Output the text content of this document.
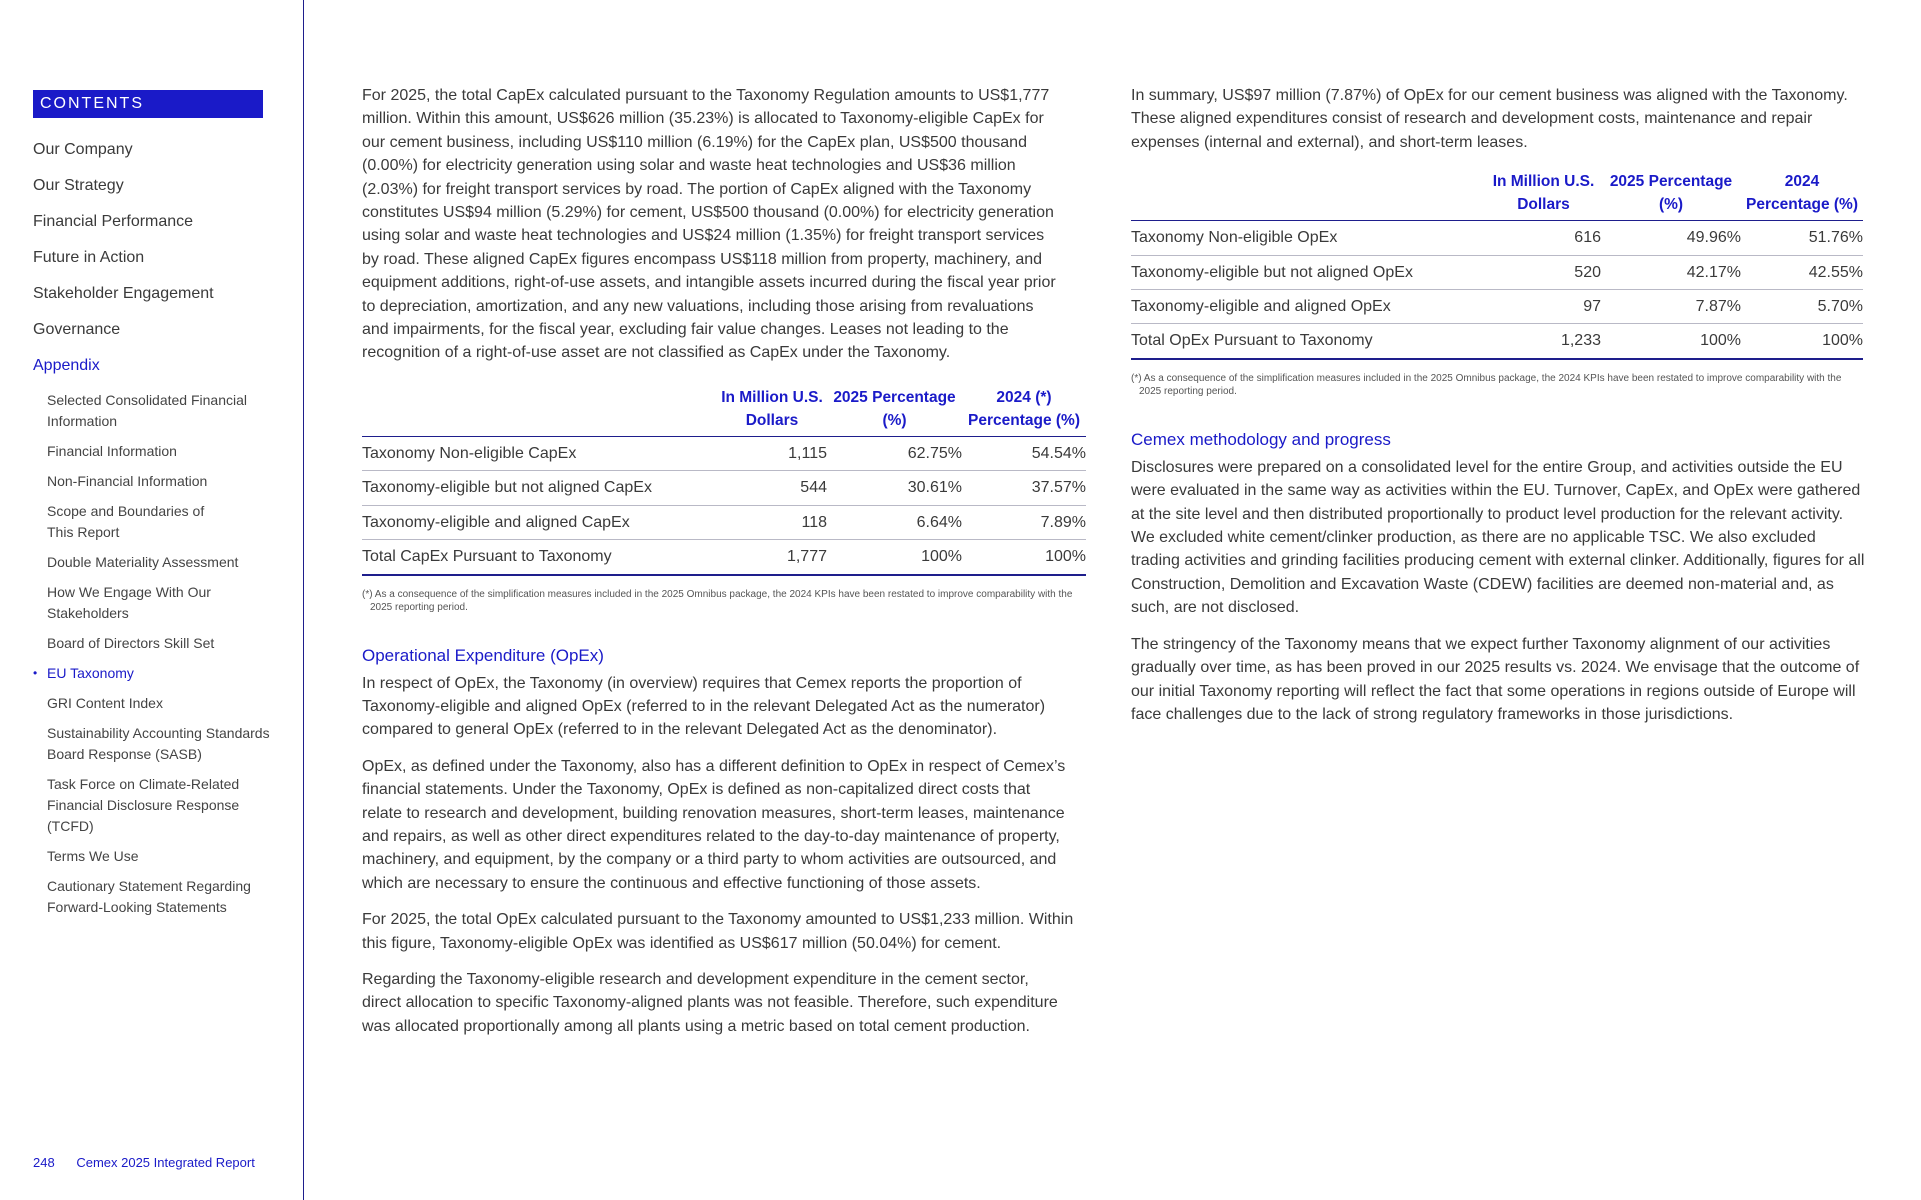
CONTENTS
Our Company
Our Strategy
Financial Performance
Future in Action
Stakeholder Engagement
Governance
Appendix
Selected Consolidated Financial Information
Financial Information
Non-Financial Information
Scope and Boundaries of This Report
Double Materiality Assessment
How We Engage With Our Stakeholders
Board of Directors Skill Set
• EU Taxonomy
GRI Content Index
Sustainability Accounting Standards Board Response (SASB)
Task Force on Climate-Related Financial Disclosure Response (TCFD)
Terms We Use
Cautionary Statement Regarding Forward-Looking Statements
248 Cemex 2025 Integrated Report

For 2025, the total CapEx calculated pursuant to the Taxonomy Regulation amounts to US$1,777 million. Within this amount, US$626 million (35.23%) is allocated to Taxonomy-eligible CapEx for our cement business, including US$110 million (6.19%) for the CapEx plan, US$500 thousand (0.00%) for electricity generation using solar and waste heat technologies and US$36 million (2.03%) for freight transport services by road. The portion of CapEx aligned with the Taxonomy constitutes US$94 million (5.29%) for cement, US$500 thousand (0.00%) for electricity generation using solar and waste heat technologies and US$24 million (1.35%) for freight transport services by road. These aligned CapEx figures encompass US$118 million from property, machinery, and equipment additions, right-of-use assets, and intangible assets incurred during the fiscal year prior to depreciation, amortization, and any new valuations, including those arising from revaluations and impairments, for the fiscal year, excluding fair value changes. Leases not leading to the recognition of a right-of-use asset are not classified as CapEx under the Taxonomy.

	In Million U.S. Dollars	2025 Percentage (%)	2024 (*) Percentage (%)
Taxonomy Non-eligible CapEx	1,115	62.75%	54.54%
Taxonomy-eligible but not aligned CapEx	544	30.61%	37.57%
Taxonomy-eligible and aligned CapEx	118	6.64%	7.89%
Total CapEx Pursuant to Taxonomy	1,777	100%	100%
(*) As a consequence of the simplification measures included in the 2025 Omnibus package, the 2024 KPIs have been restated to improve comparability with the 2025 reporting period.
Operational Expenditure (OpEx)

In respect of OpEx, the Taxonomy (in overview) requires that Cemex reports the proportion of Taxonomy-eligible and aligned OpEx (referred to in the relevant Delegated Act as the numerator) compared to general OpEx (referred to in the relevant Delegated Act as the denominator).

OpEx, as defined under the Taxonomy, also has a different definition to OpEx in respect of Cemex’s financial statements. Under the Taxonomy, OpEx is defined as non-capitalized direct costs that relate to research and development, building renovation measures, short-term leases, maintenance and repairs, as well as other direct expenditures related to the day-to-day maintenance of property, machinery, and equipment, by the company or a third party to whom activities are outsourced, and which are necessary to ensure the continuous and effective functioning of those assets.

For 2025, the total OpEx calculated pursuant to the Taxonomy amounted to US$1,233 million. Within this figure, Taxonomy-eligible OpEx was identified as US$617 million (50.04%) for cement.

Regarding the Taxonomy-eligible research and development expenditure in the cement sector, direct allocation to specific Taxonomy-aligned plants was not feasible. Therefore, such expenditure was allocated proportionally among all plants using a metric based on total cement production.

In summary, US$97 million (7.87%) of OpEx for our cement business was aligned with the Taxonomy. These aligned expenditures consist of research and development costs, maintenance and repair expenses (internal and external), and short-term leases.

	In Million U.S. Dollars	2025 Percentage (%)	2024 Percentage (%)
Taxonomy Non-eligible OpEx	616	49.96%	51.76%
Taxonomy-eligible but not aligned OpEx	520	42.17%	42.55%
Taxonomy-eligible and aligned OpEx	97	7.87%	5.70%
Total OpEx Pursuant to Taxonomy	1,233	100%	100%
(*) As a consequence of the simplification measures included in the 2025 Omnibus package, the 2024 KPIs have been restated to improve comparability with the 2025 reporting period.
Cemex methodology and progress

Disclosures were prepared on a consolidated level for the entire Group, and activities outside the EU were evaluated in the same way as activities within the EU. Turnover, CapEx, and OpEx were gathered at the site level and then distributed proportionally to product level production for the relevant activity. We excluded white cement/clinker production, as there are no applicable TSC. We also excluded trading activities and grinding facilities producing cement with external clinker. Additionally, figures for all Construction, Demolition and Excavation Waste (CDEW) facilities are deemed non-material and, as such, are not disclosed.

The stringency of the Taxonomy means that we expect further Taxonomy alignment of our activities gradually over time, as has been proved in our 2025 results vs. 2024. We envisage that the outcome of our initial Taxonomy reporting will reflect the fact that some operations in regions outside of Europe will face challenges due to the lack of strong regulatory frameworks in those jurisdictions.
